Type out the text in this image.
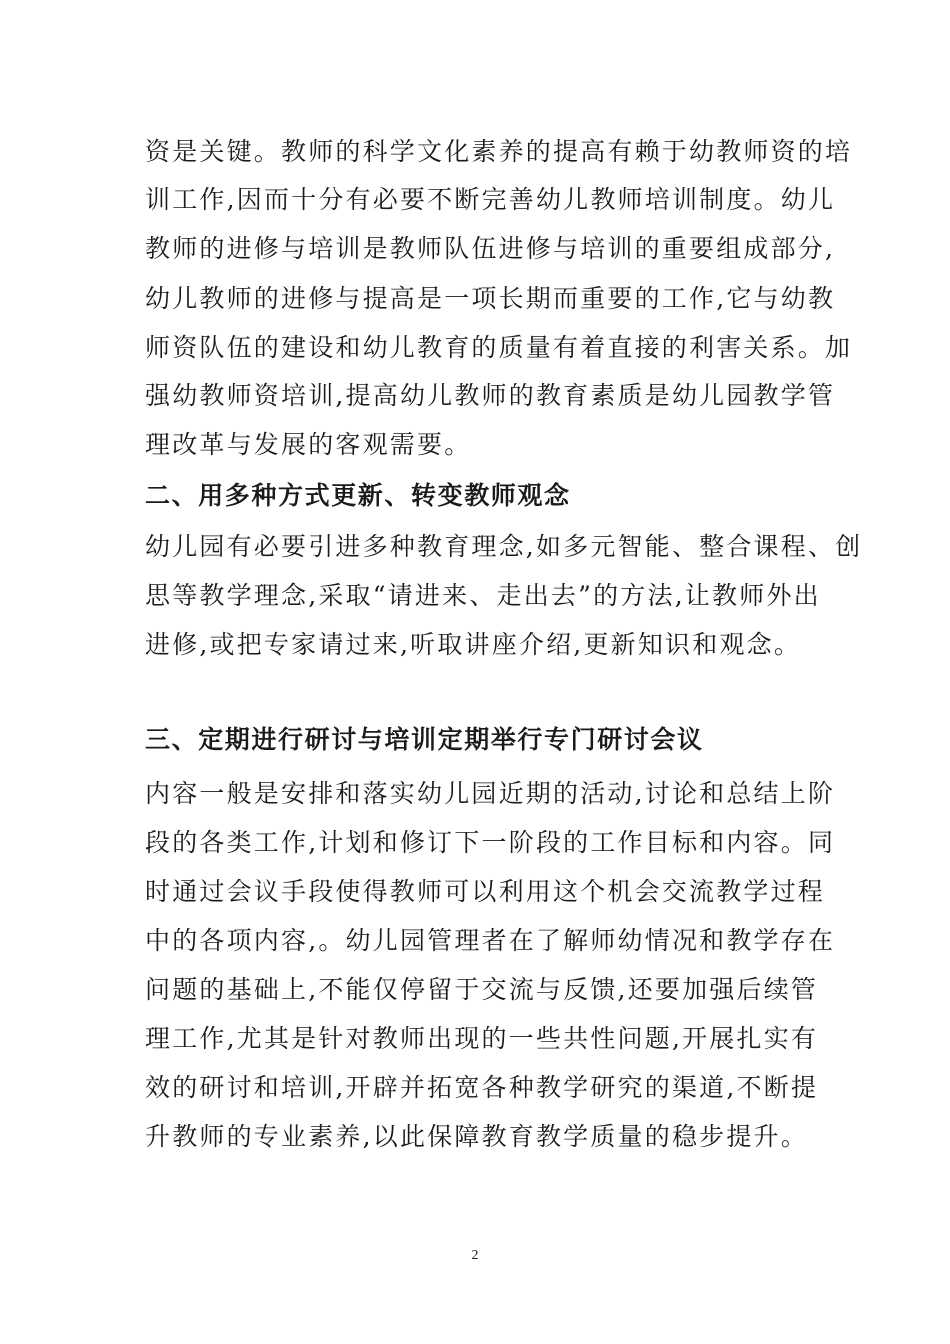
资是关键。教师的科学文化素养的提高有赖于幼教师资的培
训工作,因而十分有必要不断完善幼儿教师培训制度。幼儿
教师的进修与培训是教师队伍进修与培训的重要组成部分,
幼儿教师的进修与提高是一项长期而重要的工作,它与幼教
师资队伍的建设和幼儿教育的质量有着直接的利害关系。加
强幼教师资培训,提高幼儿教师的教育素质是幼儿园教学管
理改革与发展的客观需要。
二、用多种方式更新、转变教师观念
幼儿园有必要引进多种教育理念,如多元智能、整合课程、创
思等教学理念,采取“请进来、走出去”的方法,让教师外出
进修,或把专家请过来,听取讲座介绍,更新知识和观念。
三、定期进行研讨与培训定期举行专门研讨会议
内容一般是安排和落实幼儿园近期的活动,讨论和总结上阶
段的各类工作,计划和修订下一阶段的工作目标和内容。同
时通过会议手段使得教师可以利用这个机会交流教学过程
中的各项内容,。幼儿园管理者在了解师幼情况和教学存在
问题的基础上,不能仅停留于交流与反馈,还要加强后续管
理工作,尤其是针对教师出现的一些共性问题,开展扎实有
效的研讨和培训,开辟并拓宽各种教学研究的渠道,不断提
升教师的专业素养,以此保障教育教学质量的稳步提升。
2
